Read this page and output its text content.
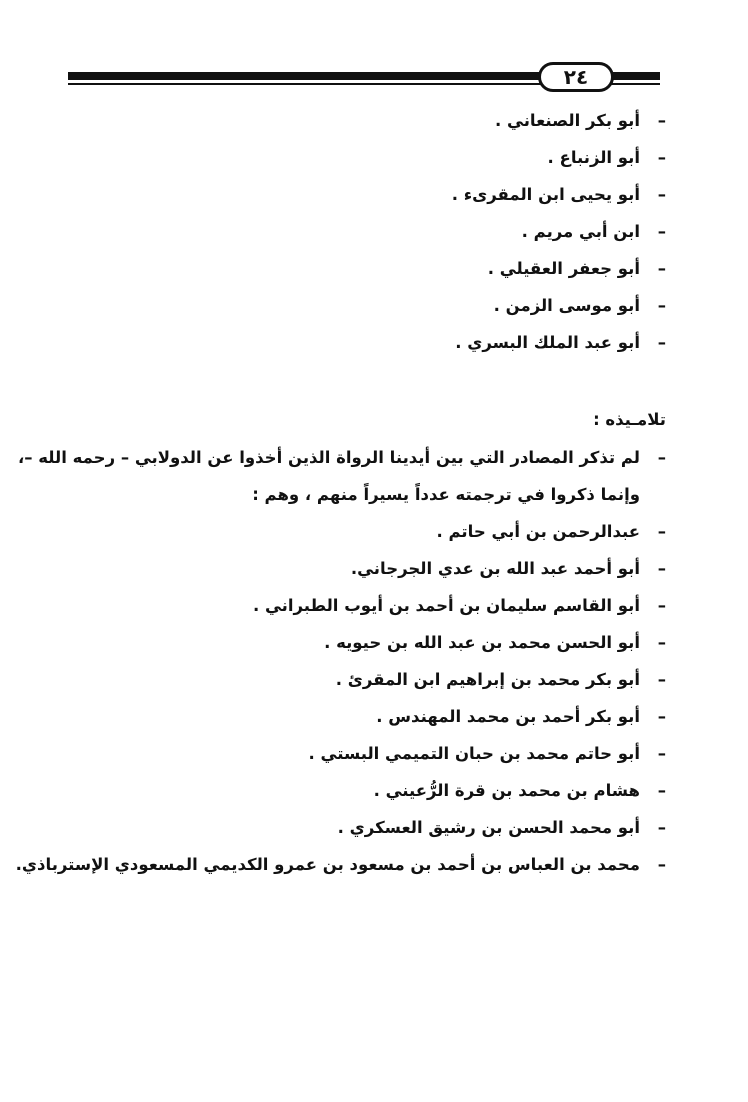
٢٤
–أبو بكر الصنعاني .
–أبو الزنباع .
–أبو يحيى ابن المقرىء .
–ابن أبي مريم .
–أبو جعفر العقيلي .
–أبو موسى الزمن .
–أبو عبد الملك البسري .
تلامـيذه :
–لم تذكر المصادر التي بين أيدينا الرواة الذين أخذوا عن الدولابي – رحمه الله –،
وإنما ذكروا في ترجمته عدداً يسيراً منهم ، وهم :
–عبدالرحمن بن أبي حاتم .
–أبو أحمد عبد الله بن عدي الجرجاني.
–أبو القاسم سليمان بن أحمد بن أيوب الطبراني .
–أبو الحسن محمد بن عبد الله بن حيويه .
–أبو بكر محمد بن إبراهيم ابن المقرئ .
–أبو بكر أحمد بن محمد المهندس .
–أبو حاتم محمد بن حبان التميمي البستي .
–هشام بن محمد بن قرة الرُّعيني .
–أبو محمد الحسن بن رشيق العسكري .
–محمد بن العباس بن أحمد بن مسعود بن عمرو الكديمي المسعودي الإسترباذي.
